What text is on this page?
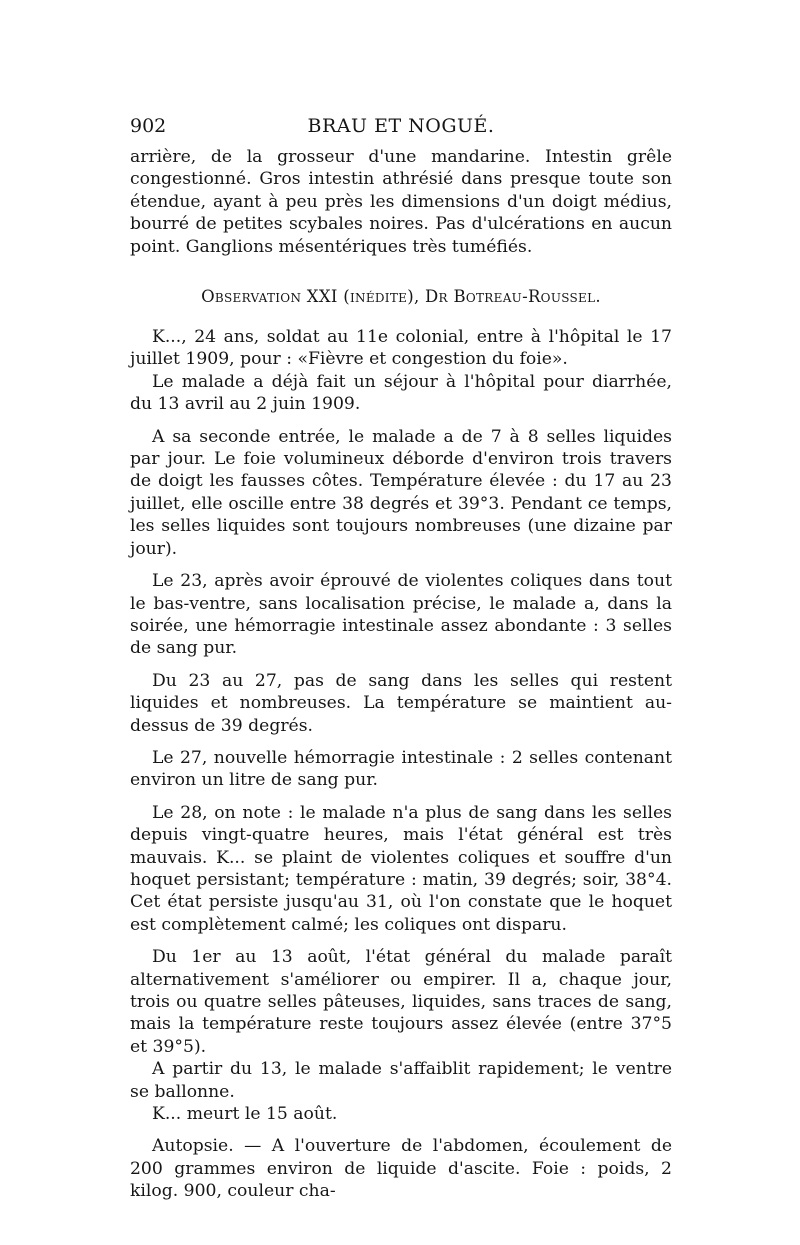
902	BRAU ET NOGUÉ.

arrière, de la grosseur d'une mandarine. Intestin grêle congestionné. Gros intestin athrésié dans presque toute son étendue, ayant à peu près les dimensions d'un doigt médius, bourré de petites scybales noires. Pas d'ulcérations en aucun point. Ganglions mésentériques très tuméfiés.

Observation XXI (inédite), Dr Botreau-Roussel.

K..., 24 ans, soldat au 11e colonial, entre à l'hôpital le 17 juillet 1909, pour : «Fièvre et congestion du foie».

Le malade a déjà fait un séjour à l'hôpital pour diarrhée, du 13 avril au 2 juin 1909.

A sa seconde entrée, le malade a de 7 à 8 selles liquides par jour. Le foie volumineux déborde d'environ trois travers de doigt les fausses côtes. Température élevée : du 17 au 23 juillet, elle oscille entre 38 degrés et 39°3. Pendant ce temps, les selles liquides sont toujours nombreuses (une dizaine par jour).

Le 23, après avoir éprouvé de violentes coliques dans tout le bas-ventre, sans localisation précise, le malade a, dans la soirée, une hémorragie intestinale assez abondante : 3 selles de sang pur.

Du 23 au 27, pas de sang dans les selles qui restent liquides et nombreuses. La température se maintient au-dessus de 39 degrés.

Le 27, nouvelle hémorragie intestinale : 2 selles contenant environ un litre de sang pur.

Le 28, on note : le malade n'a plus de sang dans les selles depuis vingt-quatre heures, mais l'état général est très mauvais. K... se plaint de violentes coliques et souffre d'un hoquet persistant; température : matin, 39 degrés; soir, 38°4. Cet état persiste jusqu'au 31, où l'on constate que le hoquet est complètement calmé; les coliques ont disparu.

Du 1er au 13 août, l'état général du malade paraît alternativement s'améliorer ou empirer. Il a, chaque jour, trois ou quatre selles pâteuses, liquides, sans traces de sang, mais la température reste toujours assez élevée (entre 37°5 et 39°5).

A partir du 13, le malade s'affaiblit rapidement; le ventre se ballonne.

K... meurt le 15 août.

Autopsie. — A l'ouverture de l'abdomen, écoulement de 200 grammes environ de liquide d'ascite. Foie : poids, 2 kilog. 900, couleur cha-
